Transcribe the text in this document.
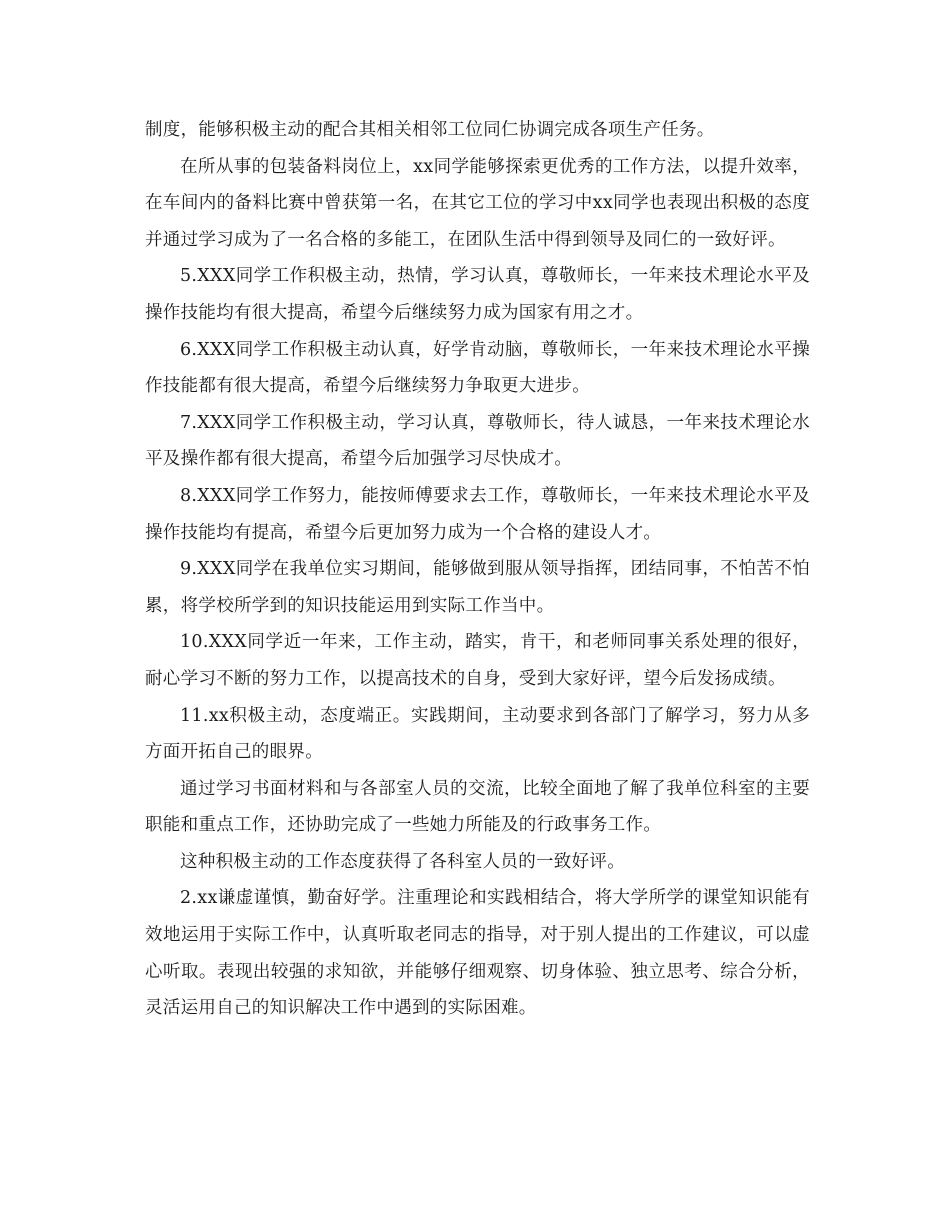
制度，能够积极主动的配合其相关相邻工位同仁协调完成各项生产任务。

在所从事的包装备料岗位上，xx同学能够探索更优秀的工作方法，以提升效率，在车间内的备料比赛中曾获第一名，在其它工位的学习中xx同学也表现出积极的态度并通过学习成为了一名合格的多能工，在团队生活中得到领导及同仁的一致好评。

5.XXX同学工作积极主动，热情，学习认真，尊敬师长，一年来技术理论水平及操作技能均有很大提高，希望今后继续努力成为国家有用之才。

6.XXX同学工作积极主动认真，好学肯动脑，尊敬师长，一年来技术理论水平操作技能都有很大提高，希望今后继续努力争取更大进步。

7.XXX同学工作积极主动，学习认真，尊敬师长，待人诚恳，一年来技术理论水平及操作都有很大提高，希望今后加强学习尽快成才。

8.XXX同学工作努力，能按师傅要求去工作，尊敬师长，一年来技术理论水平及操作技能均有提高，希望今后更加努力成为一个合格的建设人才。

9.XXX同学在我单位实习期间，能够做到服从领导指挥，团结同事，不怕苦不怕累，将学校所学到的知识技能运用到实际工作当中。

10.XXX同学近一年来，工作主动，踏实，肯干，和老师同事关系处理的很好，耐心学习不断的努力工作，以提高技术的自身，受到大家好评，望今后发扬成绩。

11.xx积极主动，态度端正。实践期间，主动要求到各部门了解学习，努力从多方面开拓自己的眼界。

通过学习书面材料和与各部室人员的交流，比较全面地了解了我单位科室的主要职能和重点工作，还协助完成了一些她力所能及的行政事务工作。

这种积极主动的工作态度获得了各科室人员的一致好评。

2.xx谦虚谨慎，勤奋好学。注重理论和实践相结合，将大学所学的课堂知识能有效地运用于实际工作中，认真听取老同志的指导，对于别人提出的工作建议，可以虚心听取。表现出较强的求知欲，并能够仔细观察、切身体验、独立思考、综合分析，灵活运用自己的知识解决工作中遇到的实际困难。
